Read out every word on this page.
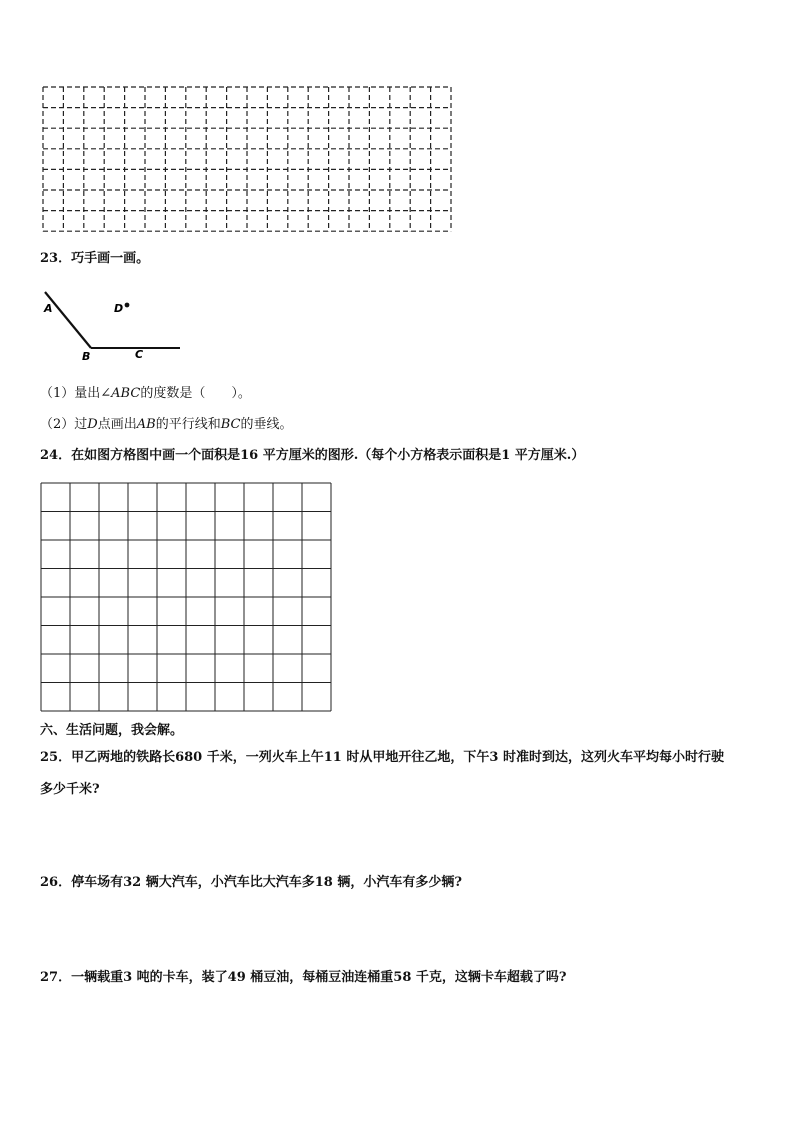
23．巧手画一画。
A
B	C
D
（1）量出∠ABC的度数是（　　）。
（2）过D点画出AB的平行线和BC的垂线。
24．在如图方格图中画一个面积是16 平方厘米的图形.（每个小方格表示面积是1 平方厘米.）
六、生活问题，我会解。
25．甲乙两地的铁路长680 千米，一列火车上午11 时从甲地开往乙地，下午3 时准时到达，这列火车平均每小时行驶
多少千米?
26．停车场有32 辆大汽车，小汽车比大汽车多18 辆，小汽车有多少辆?
27．一辆载重3 吨的卡车，装了49 桶豆油，每桶豆油连桶重58 千克，这辆卡车超载了吗?
